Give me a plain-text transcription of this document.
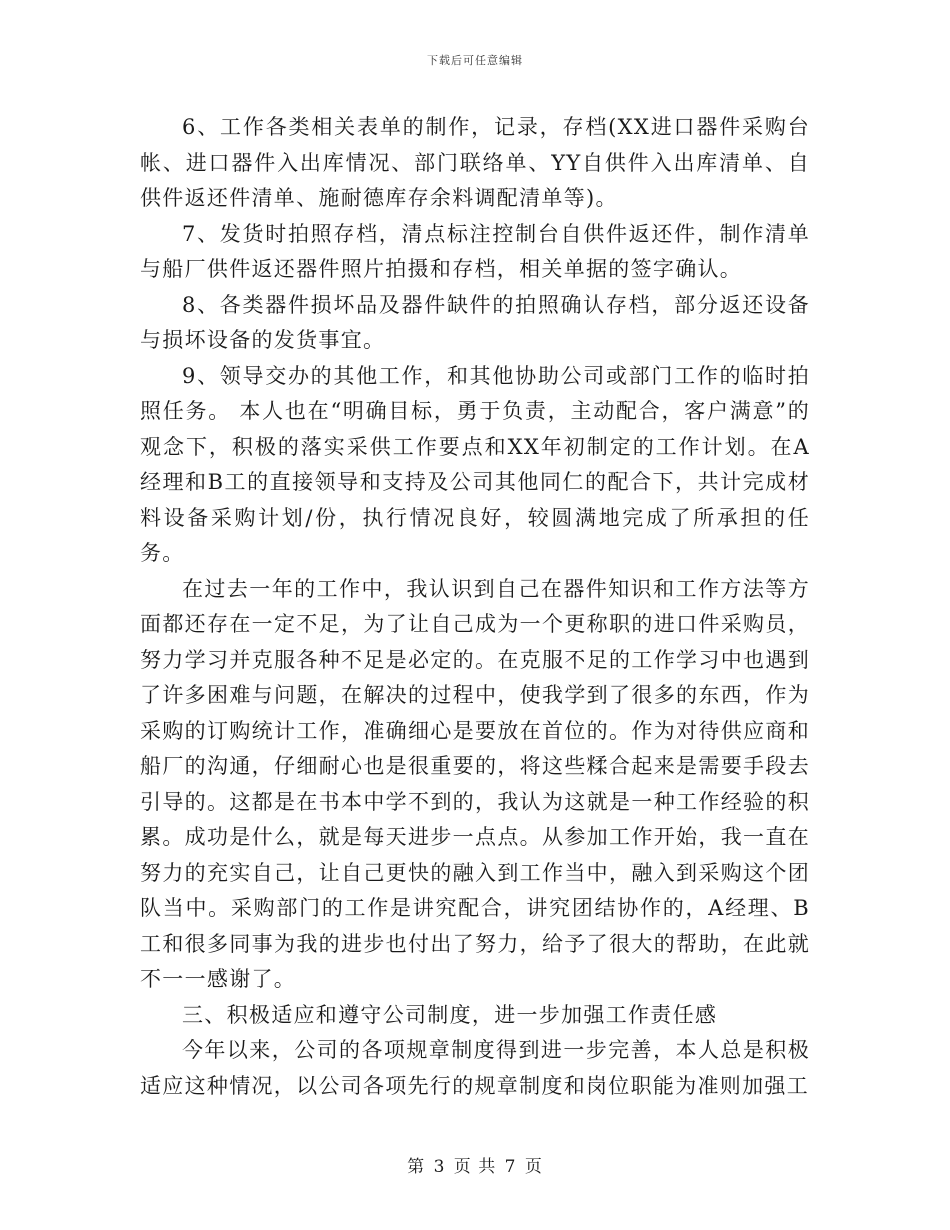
下载后可任意编辑

6、工作各类相关表单的制作，记录，存档(XX进口器件采购台帐、进口器件入出库情况、部门联络单、YY自供件入出库清单、自供件返还件清单、施耐德库存余料调配清单等)。

7、发货时拍照存档，清点标注控制台自供件返还件，制作清单与船厂供件返还器件照片拍摄和存档，相关单据的签字确认。

8、各类器件损坏品及器件缺件的拍照确认存档，部分返还设备与损坏设备的发货事宜。

9、领导交办的其他工作，和其他协助公司或部门工作的临时拍照任务。 本人也在“明确目标，勇于负责，主动配合，客户满意”的观念下，积极的落实采供工作要点和XX年初制定的工作计划。在A经理和B工的直接领导和支持及公司其他同仁的配合下，共计完成材料设备采购计划/份，执行情况良好，较圆满地完成了所承担的任务。

在过去一年的工作中，我认识到自己在器件知识和工作方法等方面都还存在一定不足，为了让自己成为一个更称职的进口件采购员，努力学习并克服各种不足是必定的。在克服不足的工作学习中也遇到了许多困难与问题，在解决的过程中，使我学到了很多的东西，作为采购的订购统计工作，准确细心是要放在首位的。作为对待供应商和船厂的沟通，仔细耐心也是很重要的，将这些糅合起来是需要手段去引导的。这都是在书本中学不到的，我认为这就是一种工作经验的积累。成功是什么，就是每天进步一点点。从参加工作开始，我一直在努力的充实自己，让自己更快的融入到工作当中，融入到采购这个团队当中。采购部门的工作是讲究配合，讲究团结协作的，A经理、B工和很多同事为我的进步也付出了努力，给予了很大的帮助，在此就不一一感谢了。

三、积极适应和遵守公司制度，进一步加强工作责任感

今年以来，公司的各项规章制度得到进一步完善，本人总是积极适应这种情况，以公司各项先行的规章制度和岗位职能为准则加强工

第 3 页 共 7 页
